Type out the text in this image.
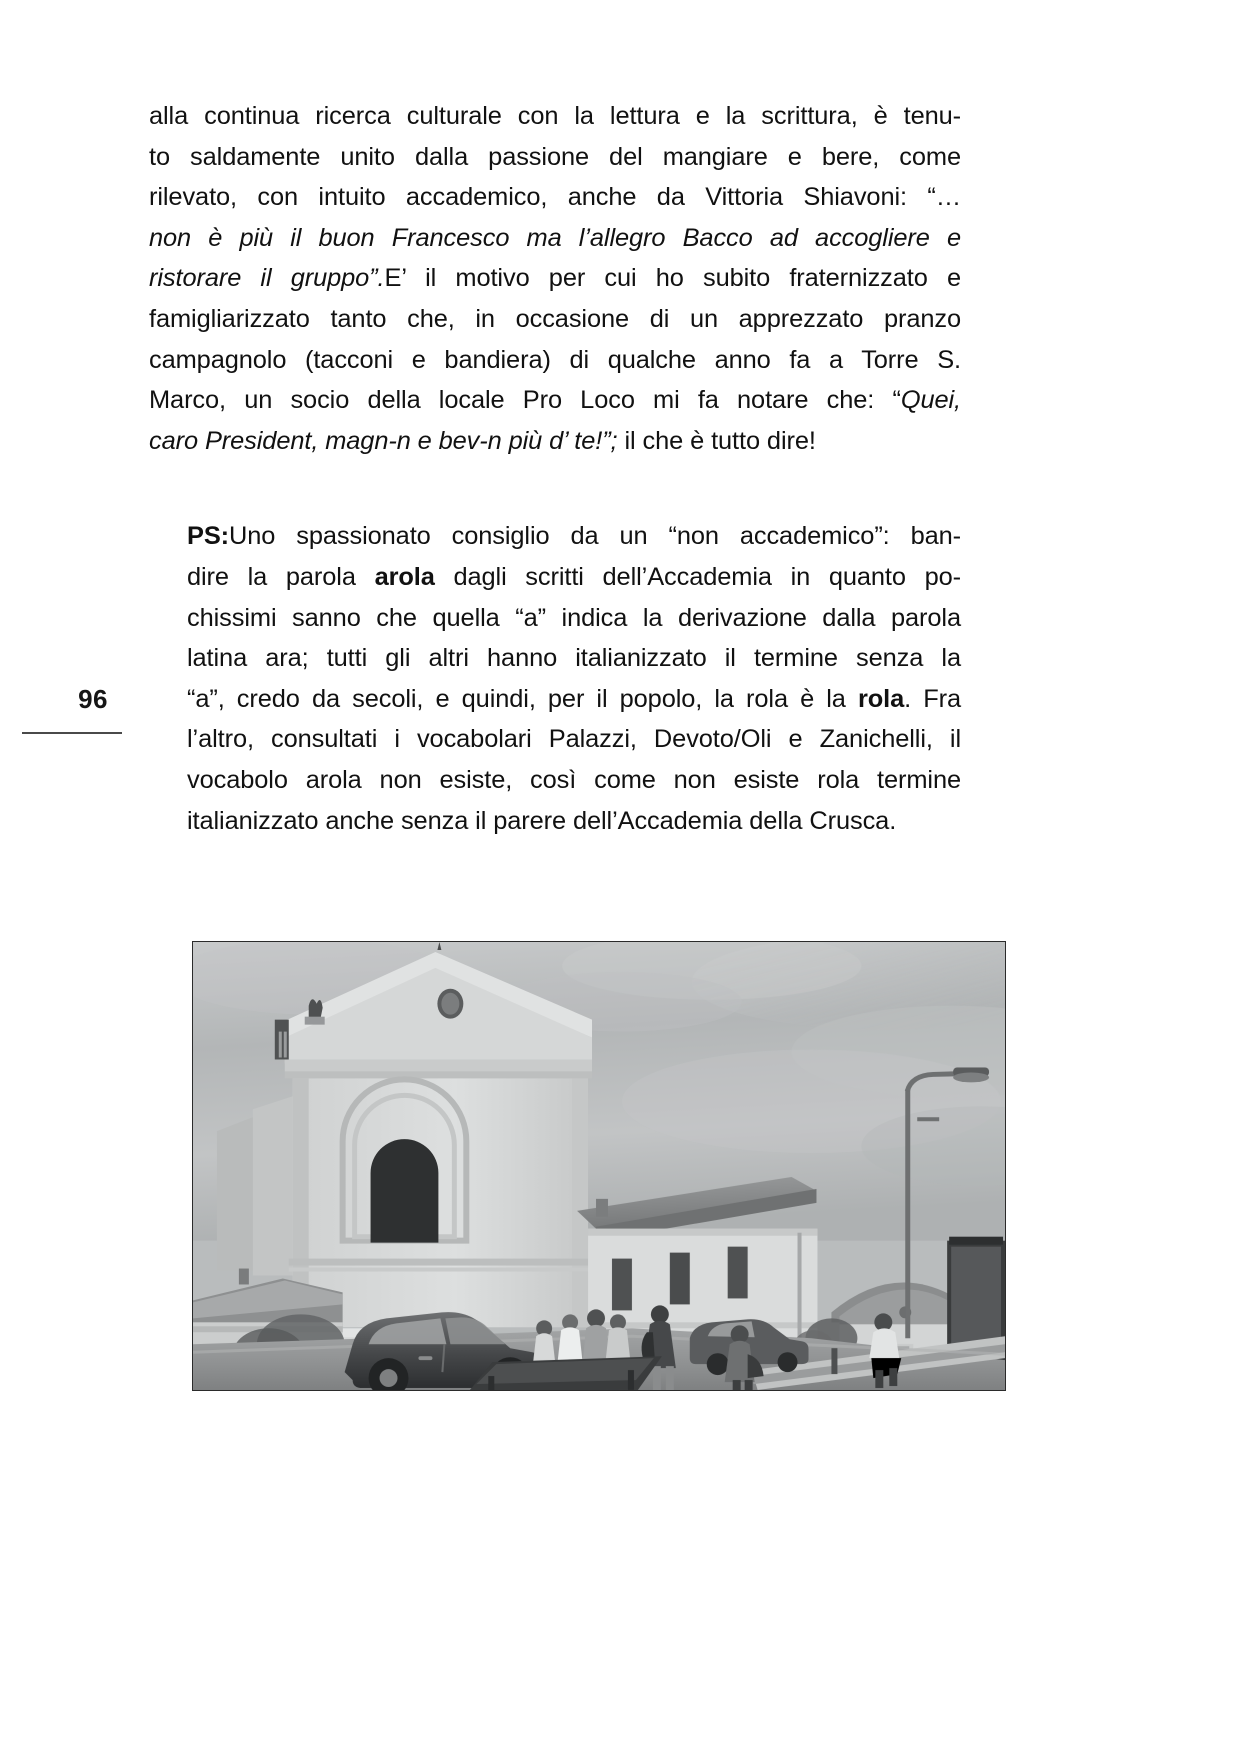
96

alla continua ricerca culturale con la lettura e la scrittura, è tenu-
to saldamente unito dalla passione del mangiare e bere, come
rilevato, con intuito accademico, anche da Vittoria Shiavoni: “…
non è più il buon Francesco ma l’allegro Bacco ad accogliere e
ristorare il gruppo”.E’ il motivo per cui ho subito fraternizzato e
famigliarizzato tanto che, in occasione di un apprezzato pranzo
campagnolo (tacconi e bandiera) di qualche anno fa a Torre S.
Marco, un socio della locale Pro Loco mi fa notare che: “Quei,
caro President, magn-n e bev-n più d’ te!”; il che è tutto dire!

PS:Uno spassionato consiglio da un “non accademico”: ban-
dire la parola arola dagli scritti dell’Accademia in quanto po-
chissimi sanno che quella “a” indica la derivazione dalla parola
latina ara; tutti gli altri hanno italianizzato il termine senza la
“a”, credo da secoli, e quindi, per il popolo, la rola è la rola. Fra
l’altro, consultati i vocabolari Palazzi, Devoto/Oli e Zanichelli, il
vocabolo arola non esiste, così come non esiste rola termine
italianizzato anche senza il parere dell’Accademia della Crusca.
